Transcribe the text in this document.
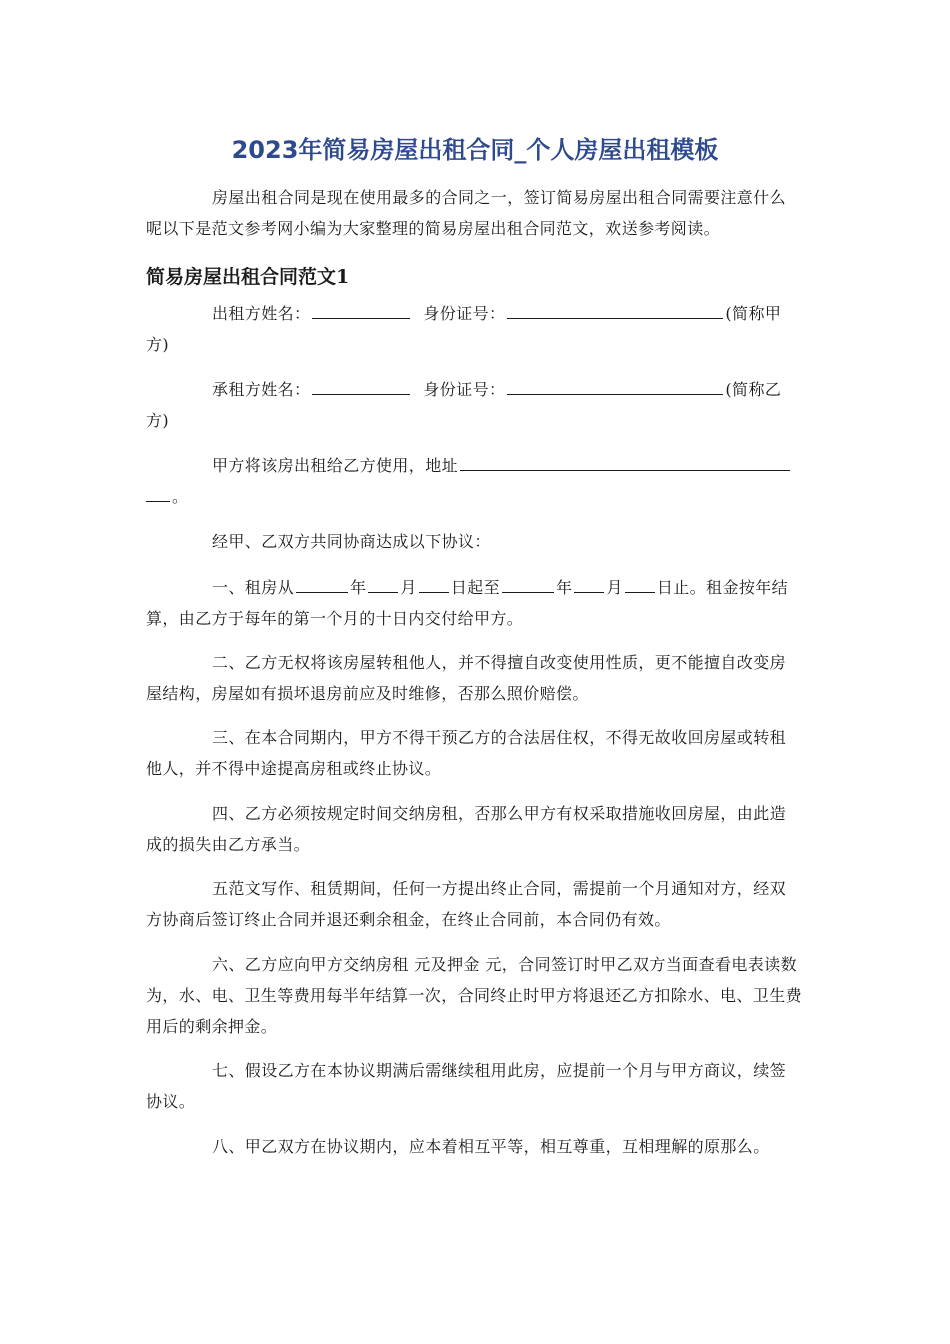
2023年简易房屋出租合同_个人房屋出租模板

房屋出租合同是现在使用最多的合同之一，签订简易房屋出租合同需要注意什么呢以下是范文参考网小编为大家整理的简易房屋出租合同范文，欢送参考阅读。

简易房屋出租合同范文1

出租方姓名：	身份证号：	(简称甲方)

承租方姓名：	身份证号：	(简称乙方)

甲方将该房出租给乙方使用，地址。

经甲、乙双方共同协商达成以下协议：

一、租房从	年 月 日起至	年 月 日止。租金按年结算，由乙方于每年的第一个月的十日内交付给甲方。

二、乙方无权将该房屋转租他人，并不得擅自改变使用性质，更不能擅自改变房屋结构，房屋如有损坏退房前应及时维修，否那么照价赔偿。

三、在本合同期内，甲方不得干预乙方的合法居住权，不得无故收回房屋或转租他人，并不得中途提高房租或终止协议。

四、乙方必须按规定时间交纳房租，否那么甲方有权采取措施收回房屋，由此造成的损失由乙方承当。

五范文写作、租赁期间，任何一方提出终止合同，需提前一个月通知对方，经双方协商后签订终止合同并退还剩余租金，在终止合同前，本合同仍有效。

六、乙方应向甲方交纳房租 元及押金 元，合同签订时甲乙双方当面查看电表读数为，水、电、卫生等费用每半年结算一次，合同终止时甲方将退还乙方扣除水、电、卫生费用后的剩余押金。

七、假设乙方在本协议期满后需继续租用此房，应提前一个月与甲方商议，续签协议。

八、甲乙双方在协议期内，应本着相互平等，相互尊重，互相理解的原那么。
